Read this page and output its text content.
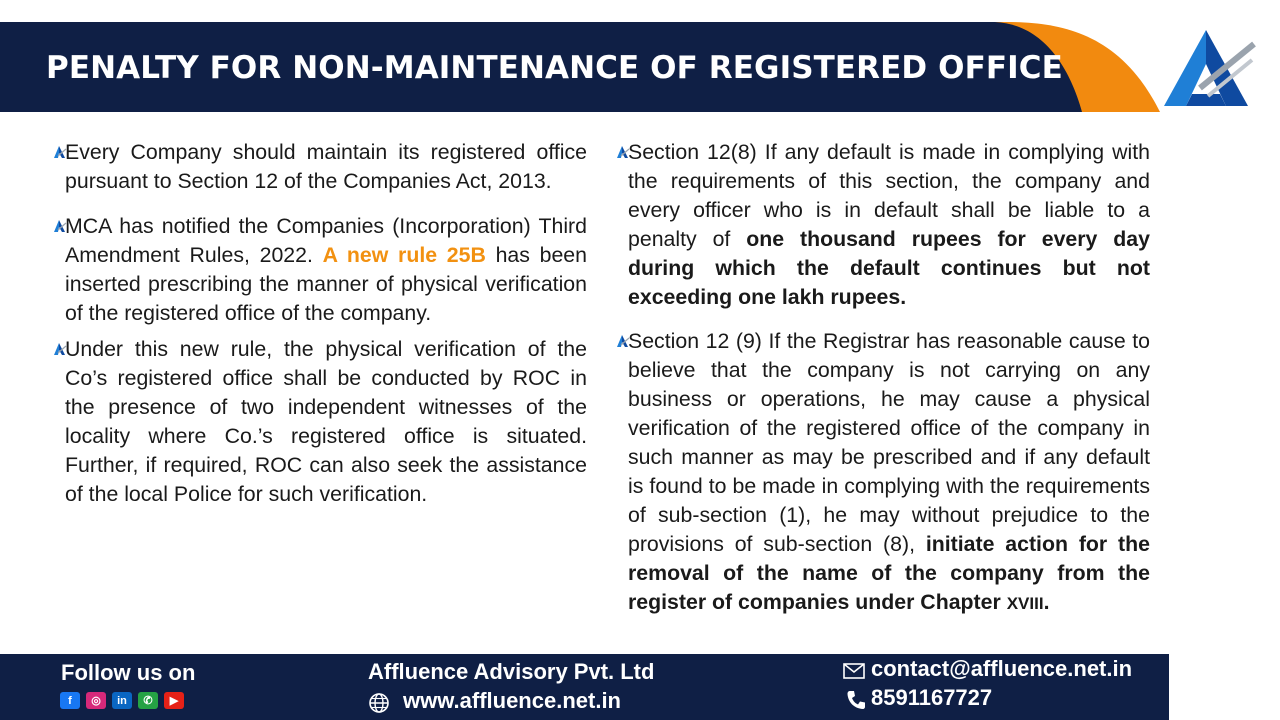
PENALTY FOR NON-MAINTENANCE OF REGISTERED OFFICE
Every Company should maintain its registered office pursuant to Section 12 of the Companies Act, 2013.
MCA has notified the Companies (Incorporation) Third Amendment Rules, 2022. A new rule 25B has been inserted prescribing the manner of physical verification of the registered office of the company.
Under this new rule, the physical verification of the Co’s registered office shall be conducted by ROC in the presence of two independent witnesses of the locality where Co.’s registered office is situated. Further, if required, ROC can also seek the assistance of the local Police for such verification.
Section 12(8) If any default is made in complying with the requirements of this section, the company and every officer who is in default shall be liable to a penalty of one thousand rupees for every day during which the default continues but not exceeding one lakh rupees.
Section 12 (9) If the Registrar has reasonable cause to believe that the company is not carrying on any business or operations, he may cause a physical verification of the registered office of the company in such manner as may be prescribed and if any default is found to be made in complying with the requirements of sub-section (1), he may without prejudice to the provisions of sub-section (8), initiate action for the removal of the name of the company from the register of companies under Chapter XVIII.
Follow us on
f	◎	in	✆	▶
Affluence Advisory Pvt. Ltd
www.affluence.net.in
contact@affluence.net.in
8591167727
